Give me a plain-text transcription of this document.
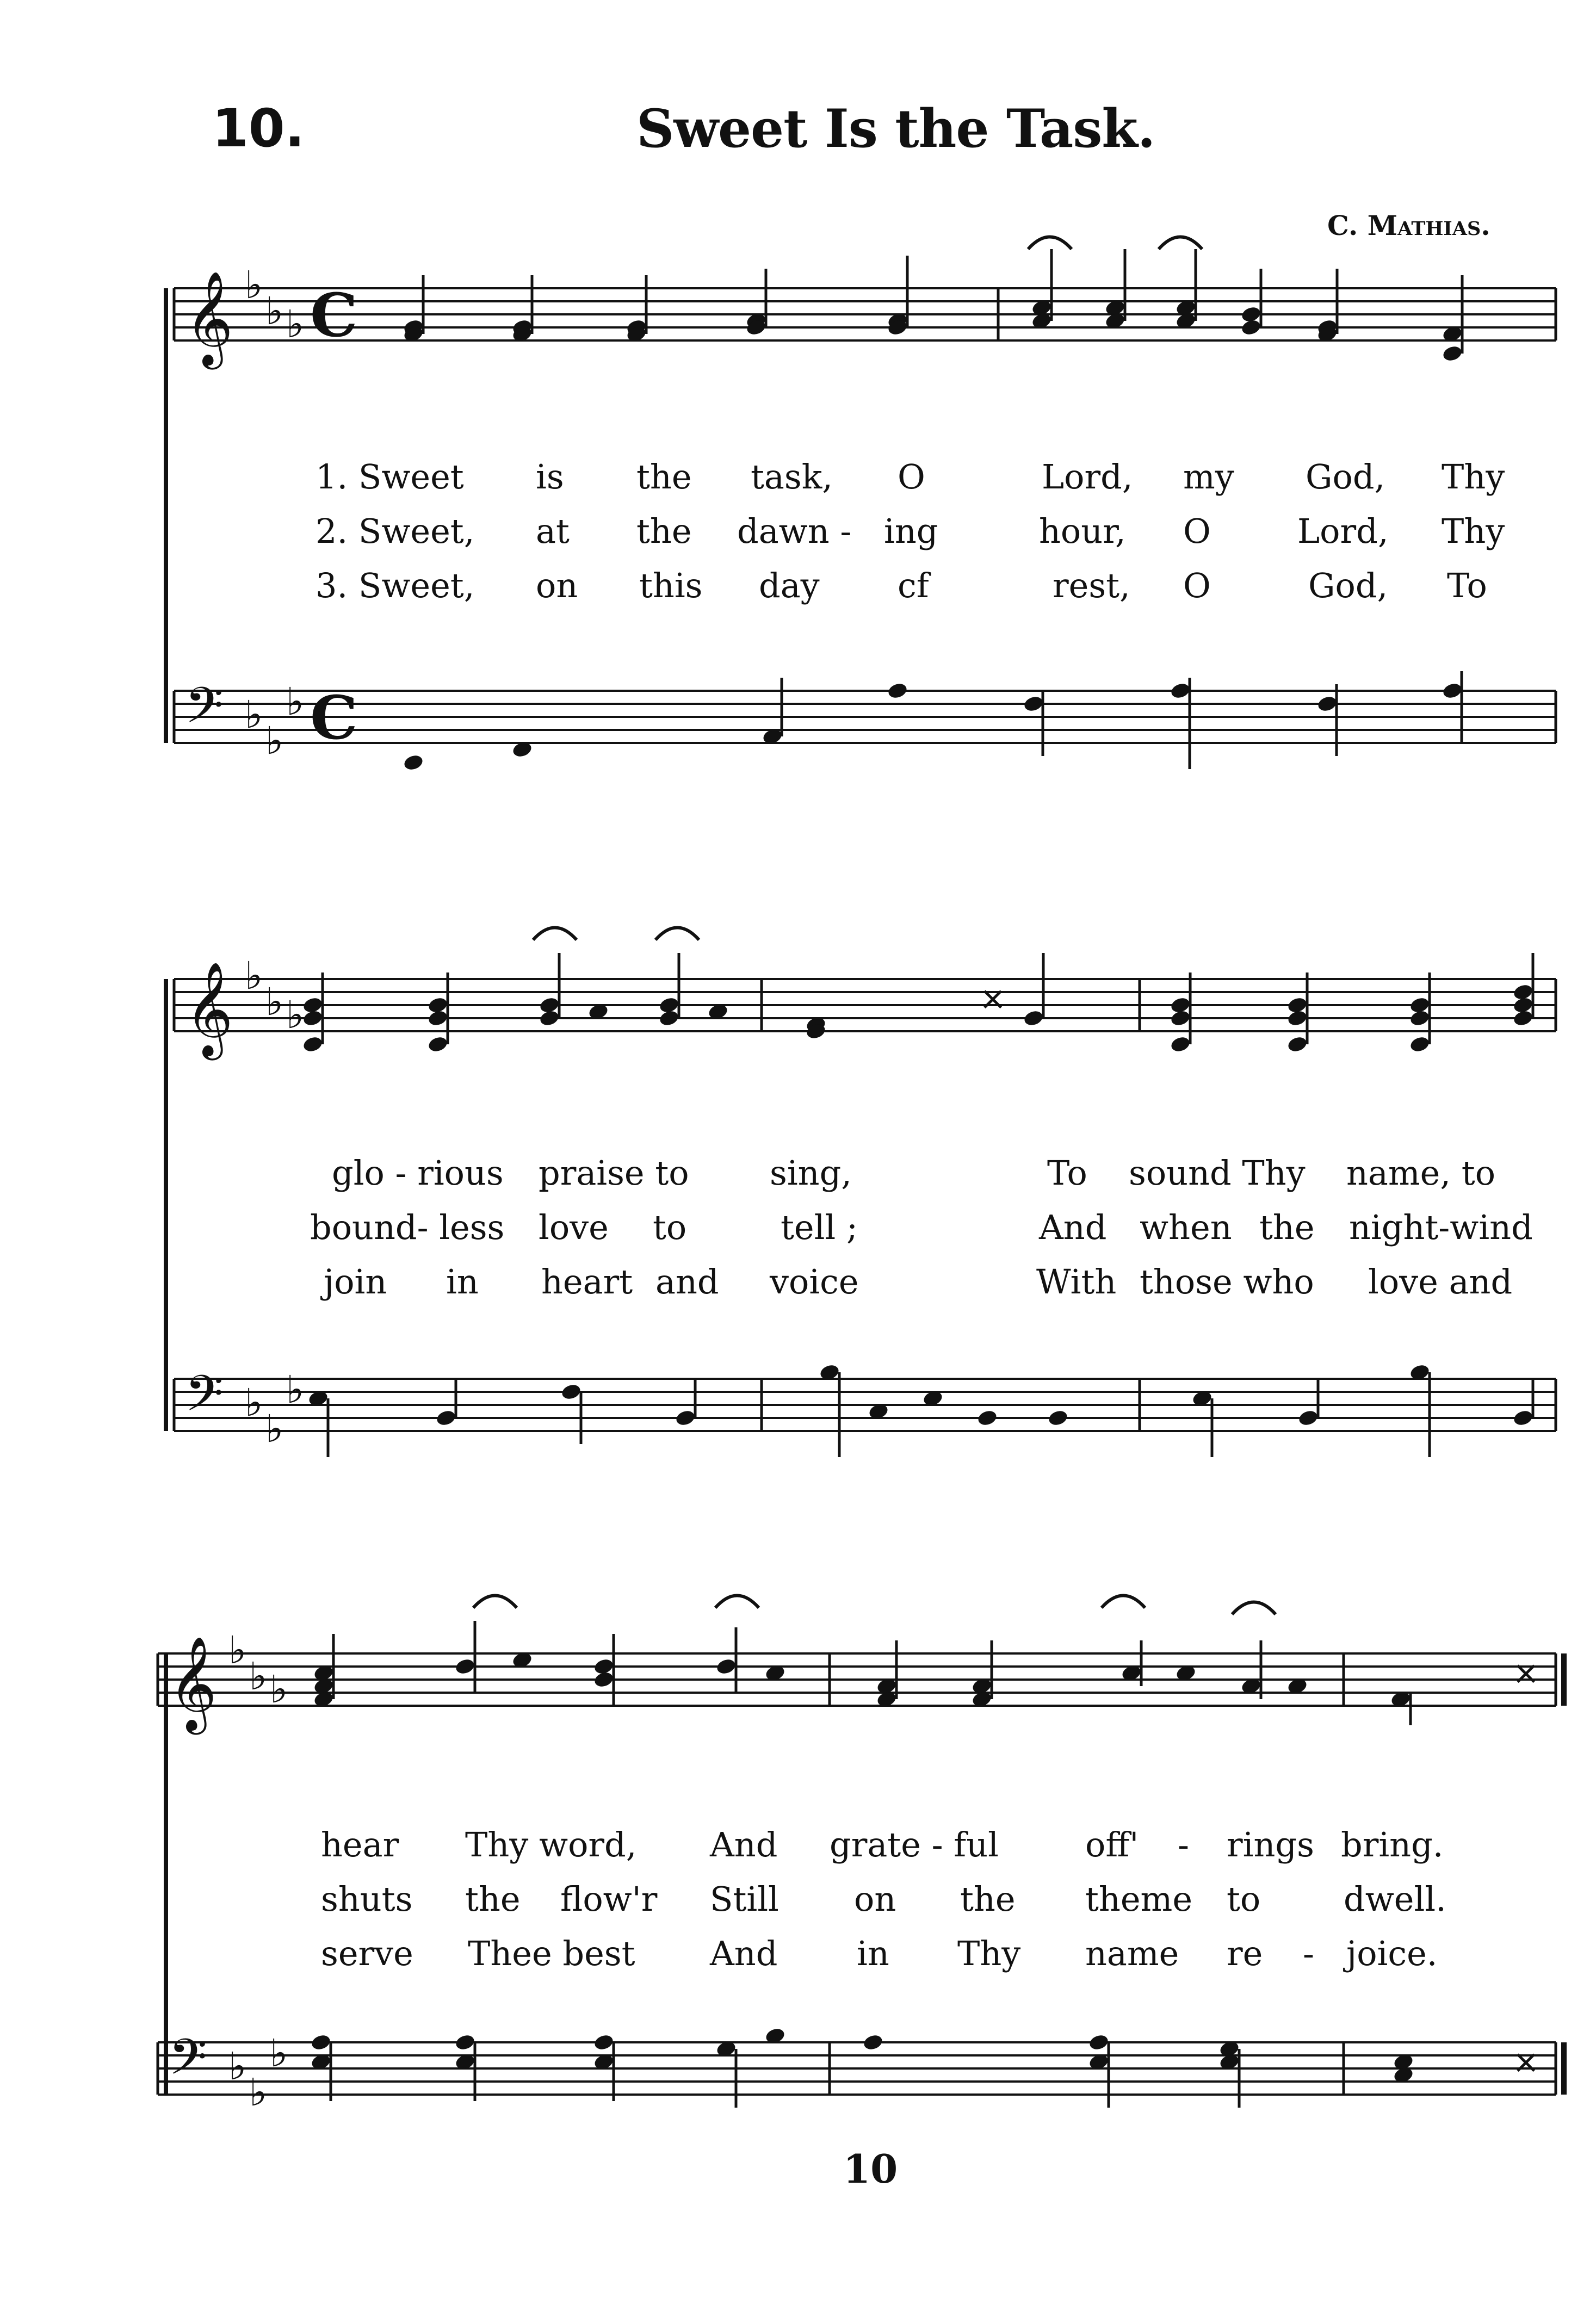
10.	Sweet Is the Task.
C. Mathias.
𝄞 ♭
♭ ♭ C
𝄢 ♭
♭
♭ C
𝄞 ♭
♭ ♭
𝄢 ♭
♭
♭
𝄞 ♭
♭ ♭
𝄢 ♭
♭
♭
×
×
×
1. Sweet is the task, O	Lord, my God, Thy
2. Sweet, at the dawn - ing	hour, O	Lord, Thy
3. Sweet, on this day cf	rest, O	God, To
glo - rious praise to sing,	To sound Thy name, to
bound- less love to	tell ;	And when the night-wind
join in heart and voice	With those who love and
hear Thy word, And grate - ful	off' - rings bring.
shuts the flow'r Still on the theme to dwell.
serve Thee best And in Thy name re - joice.
10
